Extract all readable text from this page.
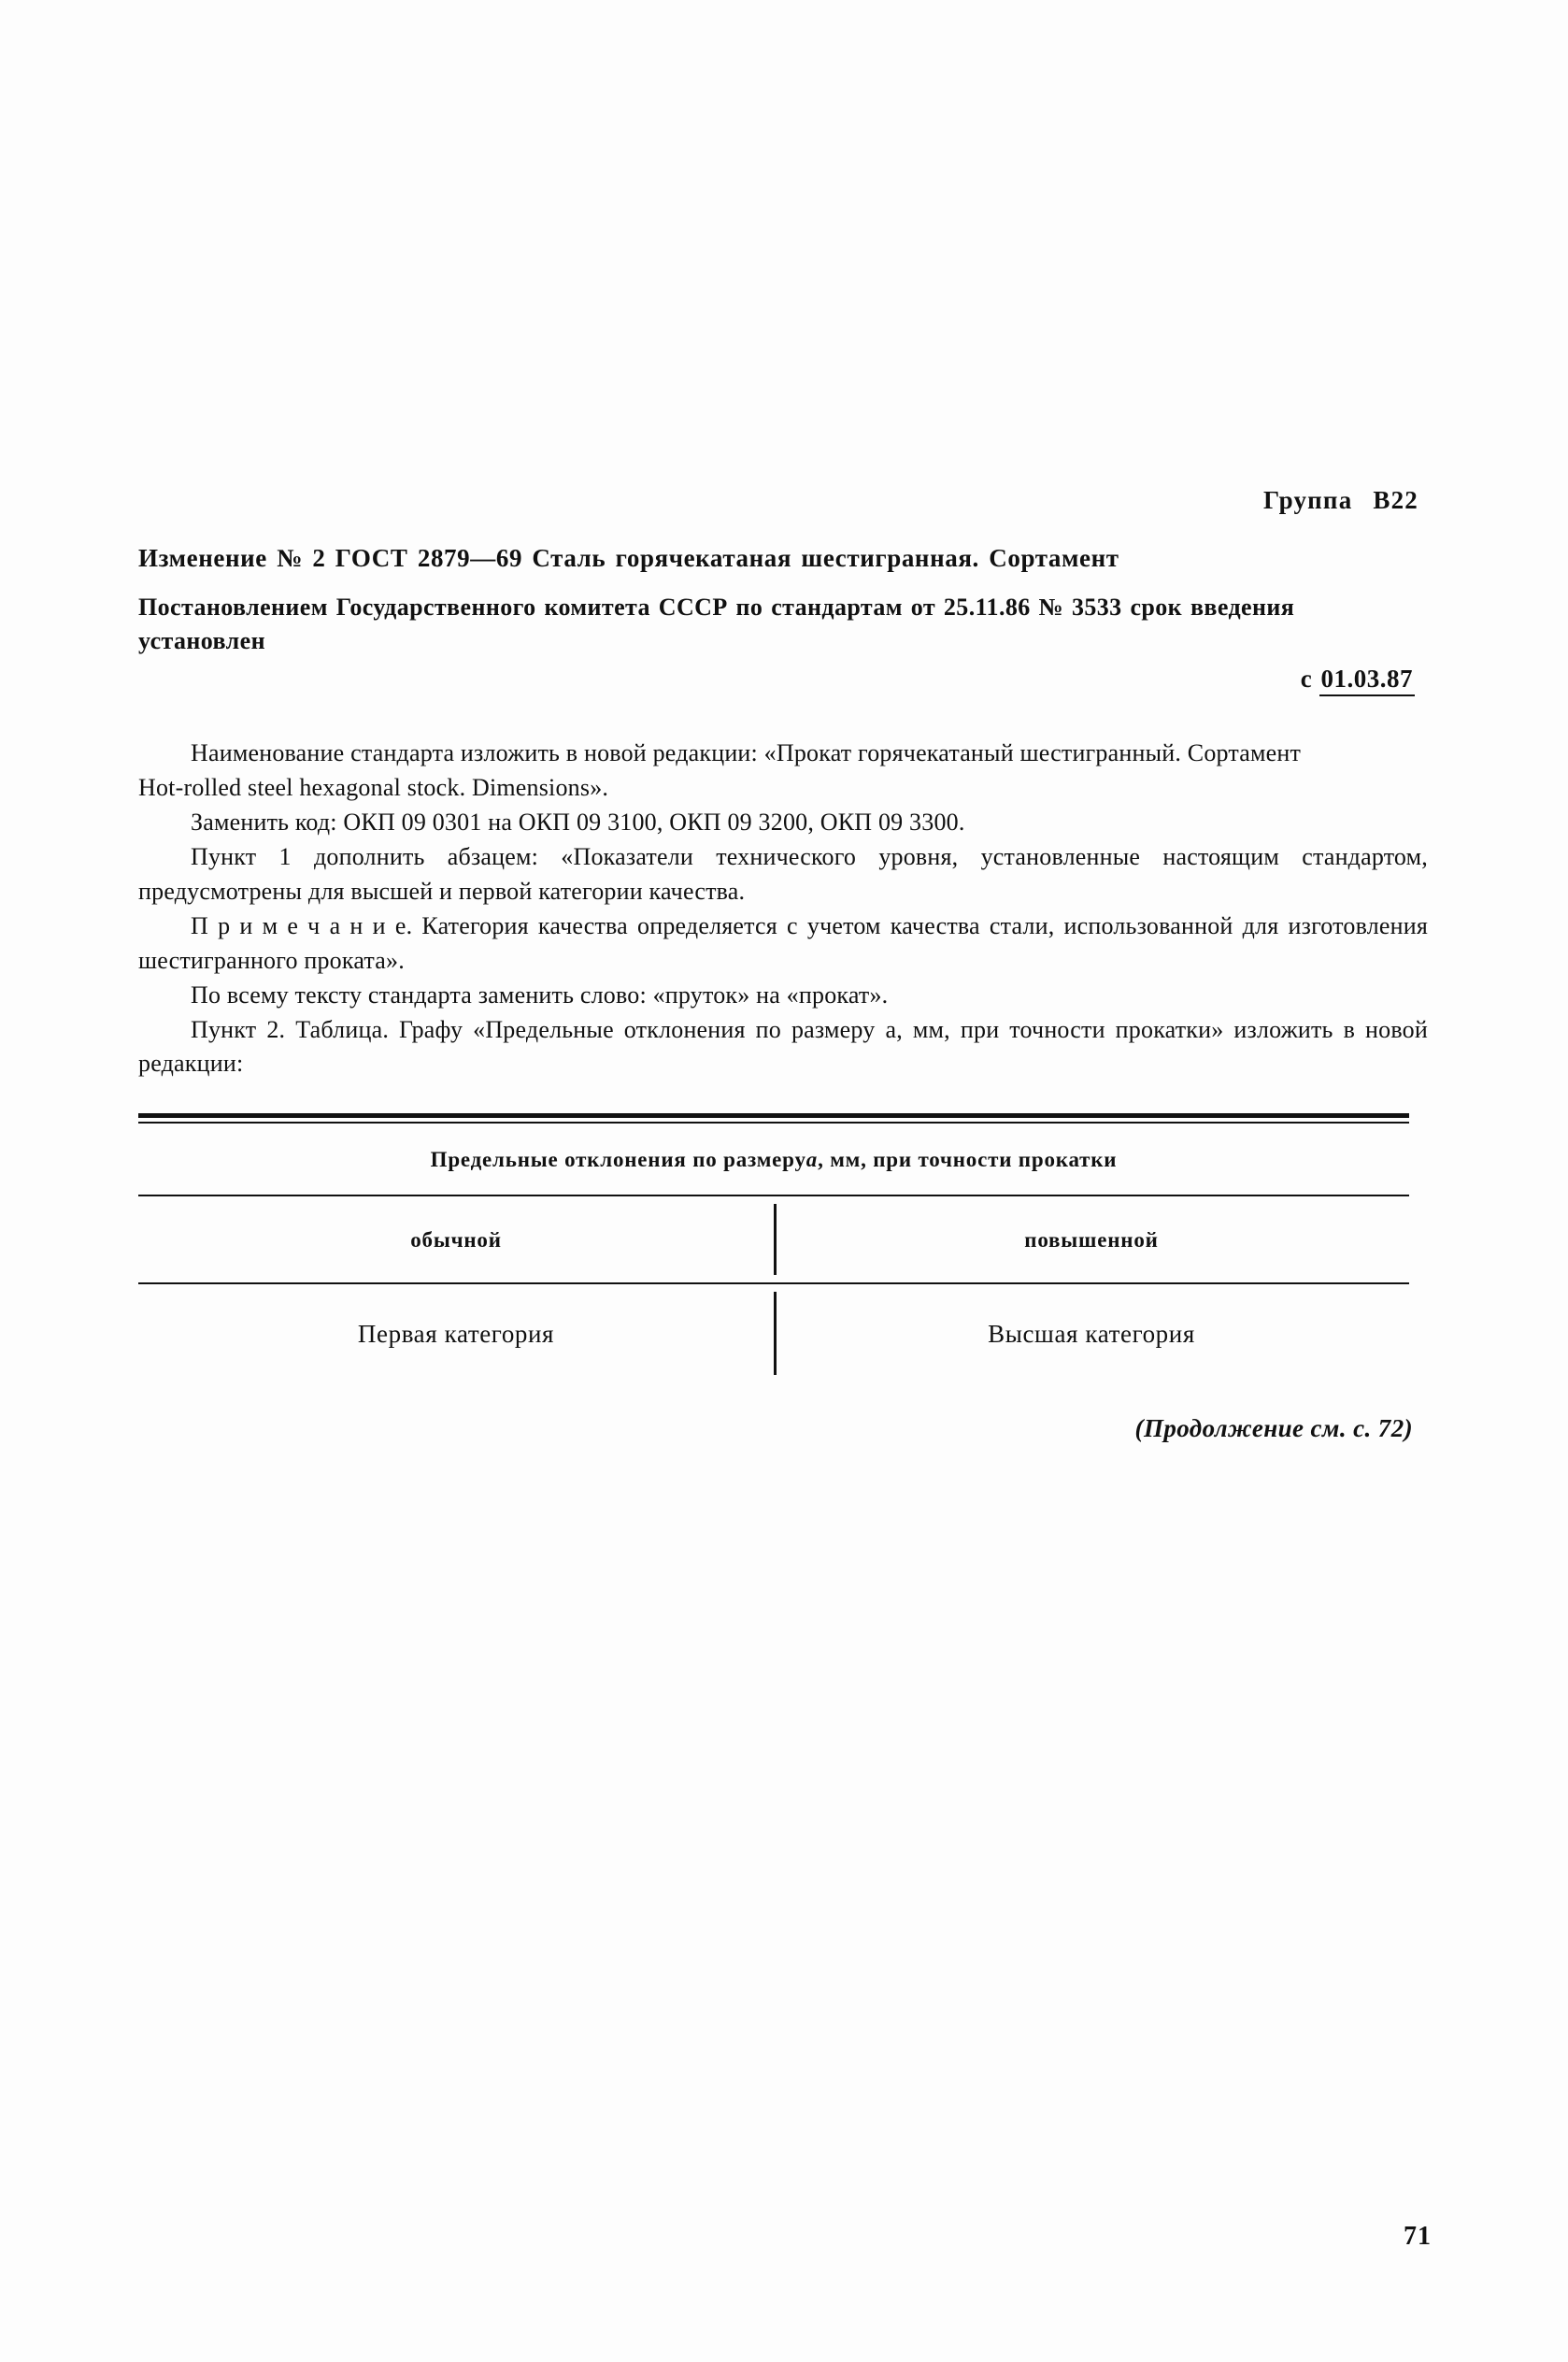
Группа B22
Изменение № 2 ГОСТ 2879—69 Сталь горячекатаная шестигранная. Сортамент
Постановлением Государственного комитета СССР по стандартам от 25.11.86 № 3533 срок введения установлен
с 01.03.87

Наименование стандарта изложить в новой редакции: «Прокат горячекатаный шестигранный. Сортамент

Hot-rolled steel hexagonal stock. Dimensions».

Заменить код: ОКП 09 0301 на ОКП 09 3100, ОКП 09 3200, ОКП 09 3300.

Пункт 1 дополнить абзацем: «Показатели технического уровня, установленные настоящим стандартом, предусмотрены для высшей и первой категории качества.

П р и м е ч а н и е. Категория качества определяется с учетом качества стали, использованной для изготовления шестигранного проката».

По всему тексту стандарта заменить слово: «пруток» на «прокат».

Пункт 2. Таблица. Графу «Предельные отклонения по размеру a, мм, при точности прокатки» изложить в новой редакции:

Предельные отклонения по размеруa, мм, при точности прокатки
обычной	повышенной
Первая категория	Высшая категория
(Продолжение см. с. 72)
71
